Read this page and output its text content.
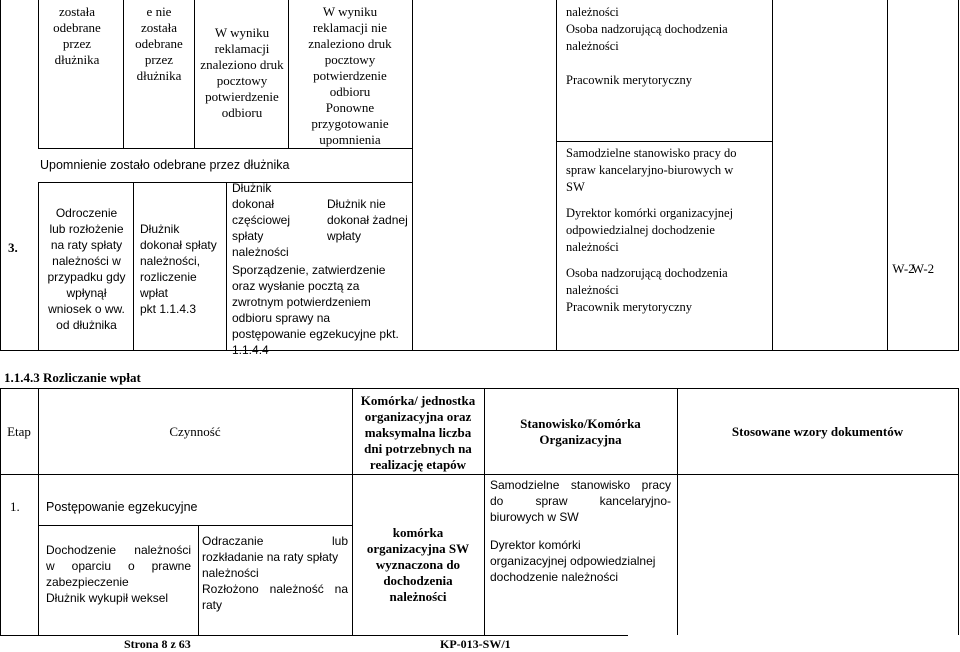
została
odebrane
przez
dłużnika
e nie
została
odebrane
przez
dłużnika
W wyniku
reklamacji
znaleziono druk
pocztowy
potwierdzenie
odbioru
W wyniku
reklamacji nie
znaleziono druk
pocztowy
potwierdzenie
odbioru
Ponowne
przygotowanie
upomnienia
Upomnienie zostało odebrane przez dłużnika
3.
Odroczenie
lub rozłożenie
na raty spłaty
należności w
przypadku gdy
wpłynął
wniosek o ww.
od dłużnika
Dłużnik
dokonał spłaty
należności,
rozliczenie
wpłat
pkt 1.1.4.3
Dłużnik
dokonał
częściowej
spłaty
należności
Dłużnik nie
dokonał żadnej
wpłaty
Sporządzenie, zatwierdzenie
oraz wysłanie pocztą za
zwrotnym potwierdzeniem
odbioru sprawy na
postępowanie egzekucyjne pkt.
1.1.4.4
należności
Osoba nadzorującą dochodzenia
należności
Pracownik merytoryczny
Samodzielne stanowisko pracy do
spraw kancelaryjno-biurowych w
SW
Dyrektor komórki organizacyjnej
odpowiedzialnej dochodzenie
należności
Osoba nadzorującą dochodzenia
należności
Pracownik merytoryczny
W-2
W-2
1.1.4.3 Rozliczanie wpłat
Etap	Czynność
Komórka/ jednostka
organizacyjna oraz
maksymalna liczba
dni potrzebnych na
realizację etapów
Stanowisko/Komórka
Organizacyjna
Stosowane wzory dokumentów
1. Postępowanie egzekucyjne
Dochodzenie należności
w oparciu o prawne
zabezpieczenie
Dłużnik wykupił weksel
Odraczanie lub
rozkładanie na raty spłaty
należności
Rozłożono należność na
raty
komórka
organizacyjna SW
wyznaczona do
dochodzenia
należności
Samodzielne stanowisko pracy
do spraw kancelaryjno-
biurowych w SW
Dyrektor komórki
organizacyjnej odpowiedzialnej
dochodzenie należności
Strona 8 z 63	KP-013-SW/1
